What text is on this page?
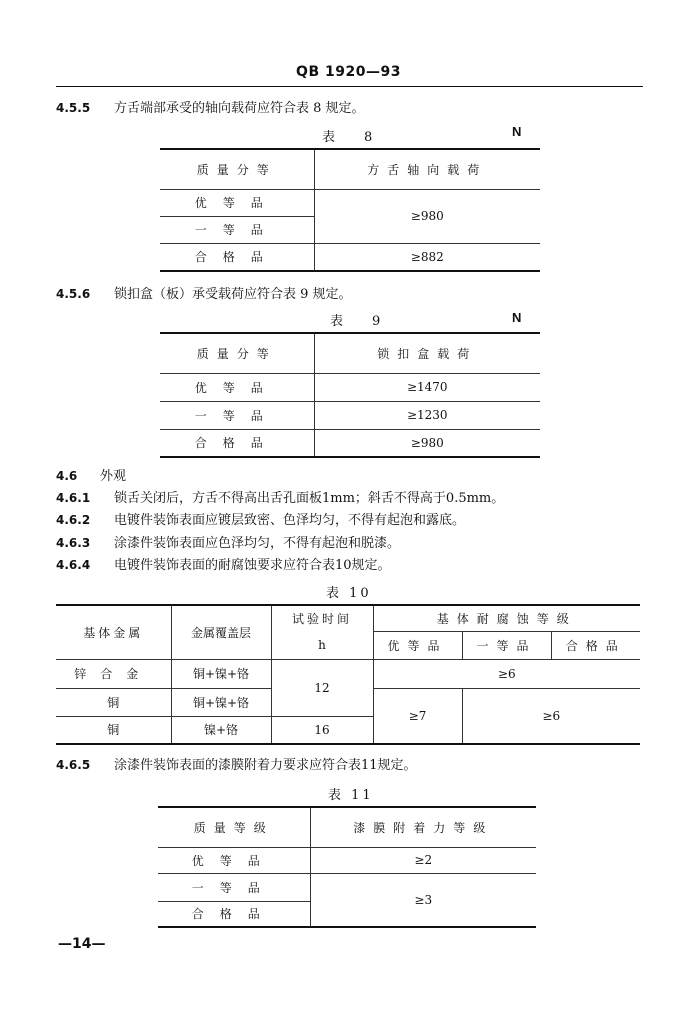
QB 1920—93
4.5.5 方舌端部承受的轴向载荷应符合表 8 规定。
表　8	N
质量分等	方舌轴向载荷
优等品	≥980
一等品	
合格品	≥882
4.5.6 锁扣盒（板）承受载荷应符合表 9 规定。
表　9	N
质量分等	锁扣盒载荷
优等品	≥1470
一等品	≥1230
合格品	≥980
4.6 外观
4.6.1 锁舌关闭后，方舌不得高出舌孔面板1mm；斜舌不得高于0.5mm。
4.6.2 电镀件装饰表面应镀层致密、色泽均匀，不得有起泡和露底。
4.6.3 涂漆件装饰表面应色泽均匀，不得有起泡和脱漆。
4.6.4 电镀件装饰表面的耐腐蚀要求应符合表10规定。
表 10
基体金属	金属覆盖层	试验时间	基体耐腐蚀等级		
		h	优等品	一等品	合格品
锌合金	铜+镍+铬	12	≥6		
铜	铜+镍+铬		≥7	≥6	
铜	镍+铬	16			
4.6.5 涂漆件装饰表面的漆膜附着力要求应符合表11规定。
表 11
质量等级	漆膜附着力等级
优等品	≥2
一等品	≥3
合格品	
—14—
